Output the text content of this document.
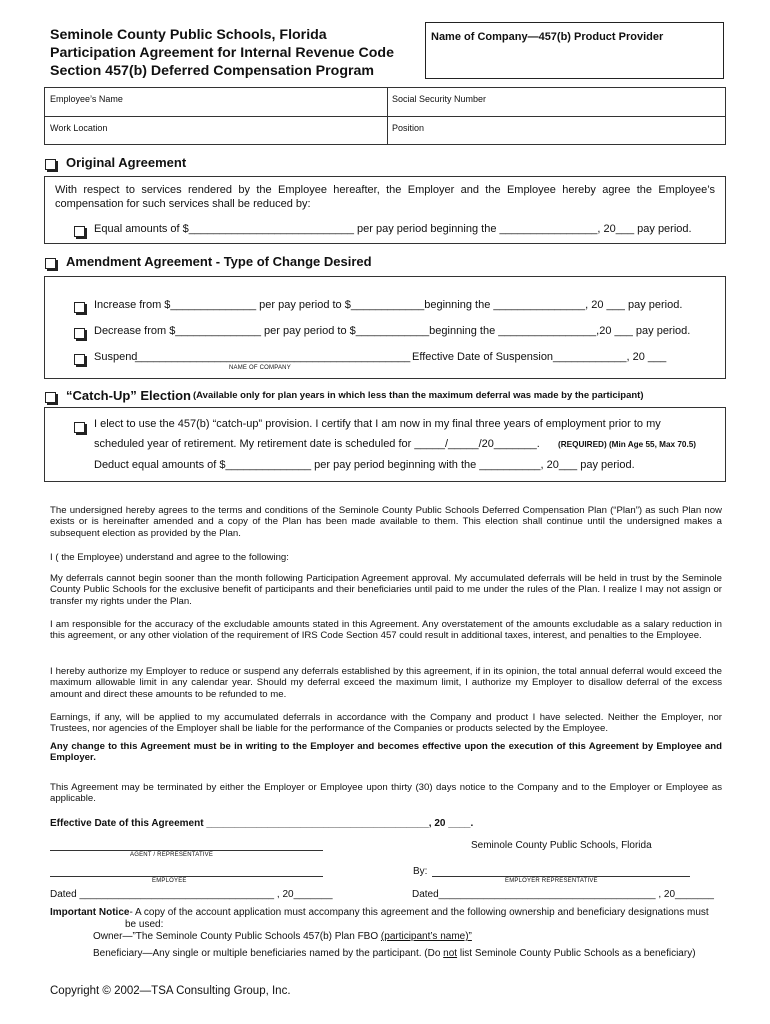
Seminole County Public Schools, Florida
Participation Agreement for Internal Revenue Code
Section 457(b) Deferred Compensation Program
Name of Company—457(b) Product Provider
Employee’s Name	Social Security Number
Work Location	Position
Original Agreement
With respect to services rendered by the Employee hereafter, the Employer and the Employee hereby agree the Employee’s compensation for such services shall be reduced by:
Equal amounts of $___________________________ per pay period beginning the ________________, 20___ pay period.
Amendment Agreement - Type of Change Desired
Increase from $______________ per pay period to $____________beginning the _______________, 20 ___ pay period.
Decrease from $______________ per pay period to $____________beginning the ________________,20 ___ pay period.
Suspend
_____________________________________________
NAME OF COMPANY
Effective Date of Suspension____________, 20 ___
“Catch-Up” Election (Available only for plan years in which less than the maximum deferral was made by the participant)
I elect to use the 457(b) “catch-up” provision. I certify that I am now in my final three years of employment prior to my
scheduled year of retirement. My retirement date is scheduled for _____/_____/20_______. (REQUIRED) (Min Age 55, Max 70.5)
Deduct equal amounts of $______________ per pay period beginning with the __________, 20___ pay period.
The undersigned hereby agrees to the terms and conditions of the Seminole County Public Schools Deferred Compensation Plan (“Plan”) as such Plan now exists or is hereinafter amended and a copy of the Plan has been made available to them. This election shall continue until the undersigned makes a subsequent election as provided by the Plan.
I ( the Employee) understand and agree to the following:
My deferrals cannot begin sooner than the month following Participation Agreement approval. My accumulated deferrals will be held in trust by the Seminole County Public Schools for the exclusive benefit of participants and their beneficiaries until paid to me under the rules of the Plan. I realize I may not assign or transfer my rights under the Plan.
I am responsible for the accuracy of the excludable amounts stated in this Agreement. Any overstatement of the amounts excludable as a salary reduction in this agreement, or any other violation of the requirement of IRS Code Section 457 could result in additional taxes, interest, and penalties to the Employee.
I hereby authorize my Employer to reduce or suspend any deferrals established by this agreement, if in its opinion, the total annual deferral would exceed the maximum allowable limit in any calendar year. Should my deferral exceed the maximum limit, I authorize my Employer to disallow deferral of the excess amount and direct these amounts to be refunded to me.
Earnings, if any, will be applied to my accumulated deferrals in accordance with the Company and product I have selected. Neither the Employer, nor Trustees, nor agencies of the Employer shall be liable for the performance of the Companies or products selected by the Employee.
Any change to this Agreement must be in writing to the Employer and becomes effective upon the execution of this Agreement by Employee and Employer.
This Agreement may be terminated by either the Employer or Employee upon thirty (30) days notice to the Company and to the Employer or Employee as applicable.
Effective Date of this Agreement ________________________________________, 20 ____.
AGENT / REPRESENTATIVE
Seminole County Public Schools, Florida
By:
EMPLOYEE	EMPLOYER REPRESENTATIVE
Dated ___________________________________ , 20_______	Dated_______________________________________ , 20_______
Important Notice- A copy of the account application must accompany this agreement and the following ownership and beneficiary designations must
be used:
Owner—”The Seminole County Public Schools 457(b) Plan FBO (participant’s name)”
Beneficiary—Any single or multiple beneficiaries named by the participant. (Do not list Seminole County Public Schools as a beneficiary)
Copyright © 2002—TSA Consulting Group, Inc.
